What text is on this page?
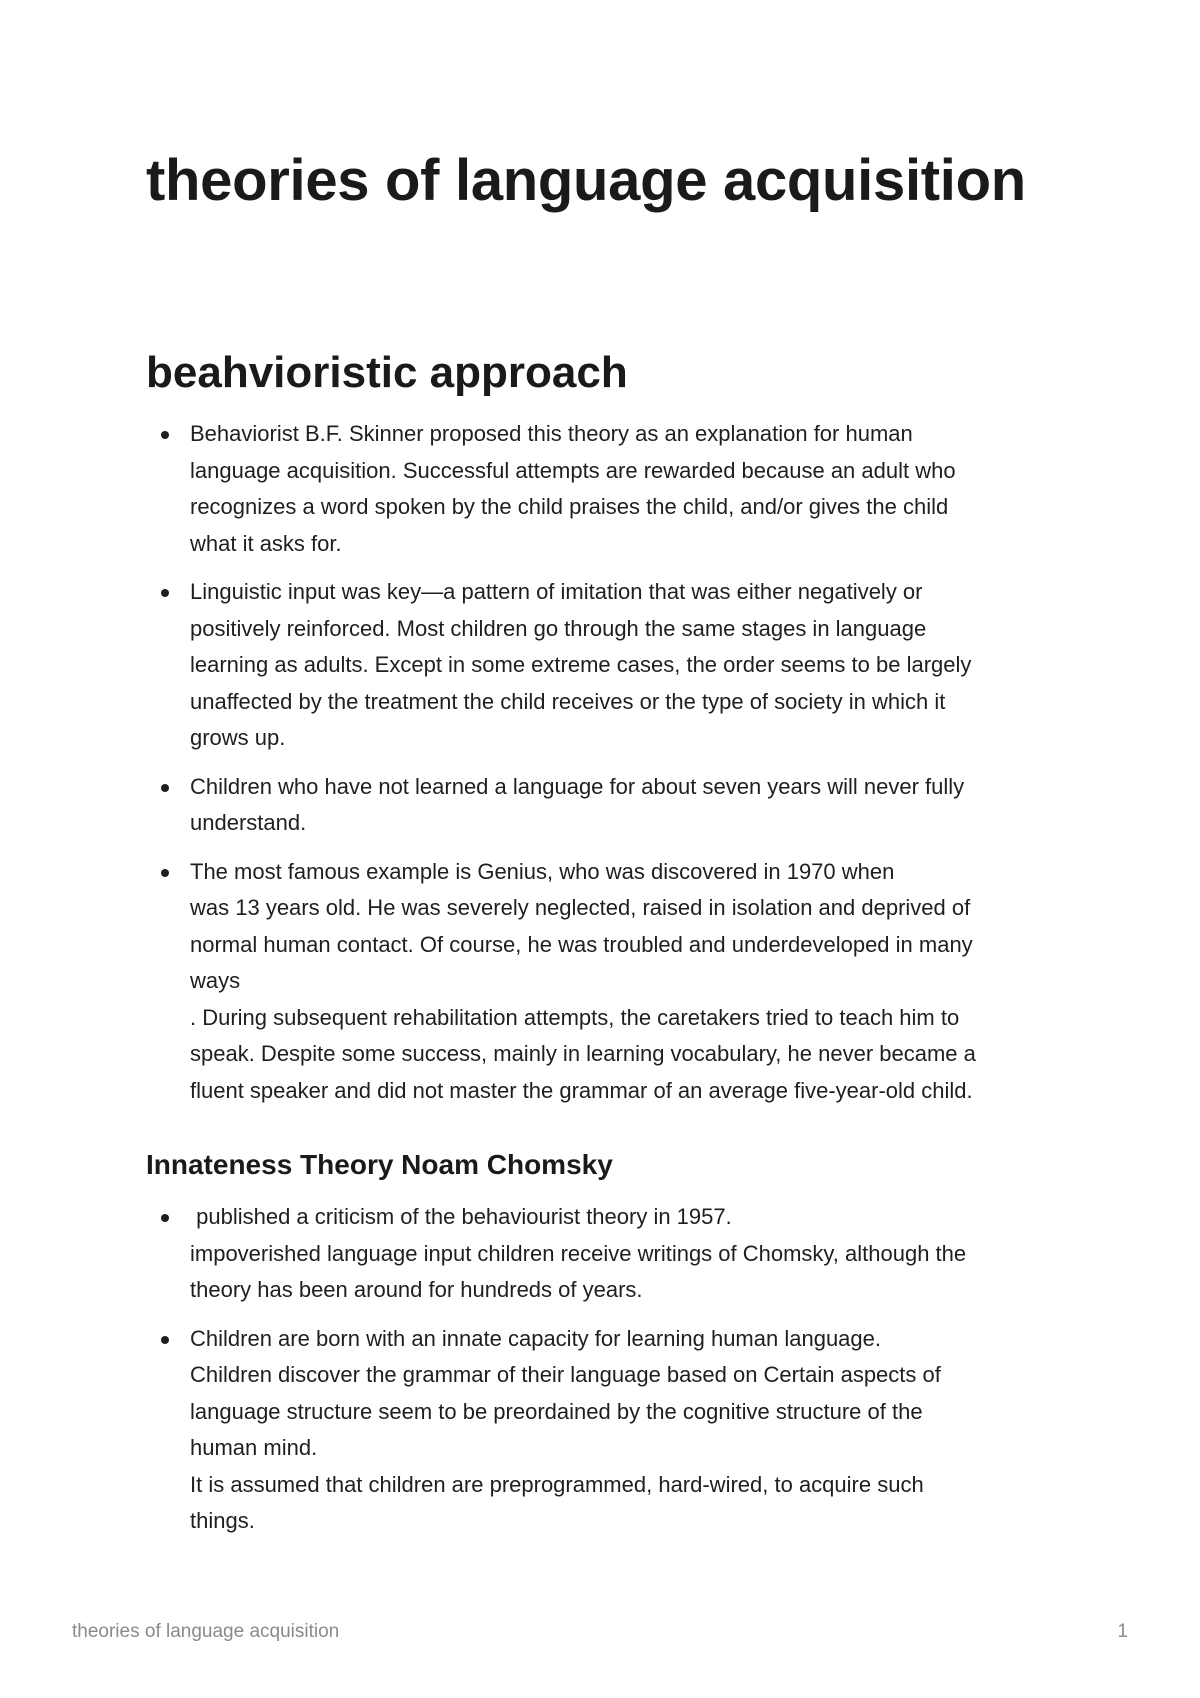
theories of language acquisition
beahvioristic approach
Behaviorist B.F. Skinner proposed this theory as an explanation for human
language acquisition. Successful attempts are rewarded because an adult who
recognizes a word spoken by the child praises the child, and/or gives the child
what it asks for.
Linguistic input was key—a pattern of imitation that was either negatively or
positively reinforced. Most children go through the same stages in language
learning as adults. Except in some extreme cases, the order seems to be largely
unaffected by the treatment the child receives or the type of society in which it
grows up.
Children who have not learned a language for about seven years will never fully
understand.
The most famous example is Genius, who was discovered in 1970 when
was 13 years old. He was severely neglected, raised in isolation and deprived of
normal human contact. Of course, he was troubled and underdeveloped in many
ways
. During subsequent rehabilitation attempts, the caretakers tried to teach him to
speak. Despite some success, mainly in learning vocabulary, he never became a
fluent speaker and did not master the grammar of an average five-year-old child.
Innateness Theory Noam Chomsky
published a criticism of the behaviourist theory in 1957.
impoverished language input children receive writings of Chomsky, although the
theory has been around for hundreds of years.
Children are born with an innate capacity for learning human language.
Children discover the grammar of their language based on Certain aspects of
language structure seem to be preordained by the cognitive structure of the
human mind.
It is assumed that children are preprogrammed, hard-wired, to acquire such
things.
theories of language acquisition	1
